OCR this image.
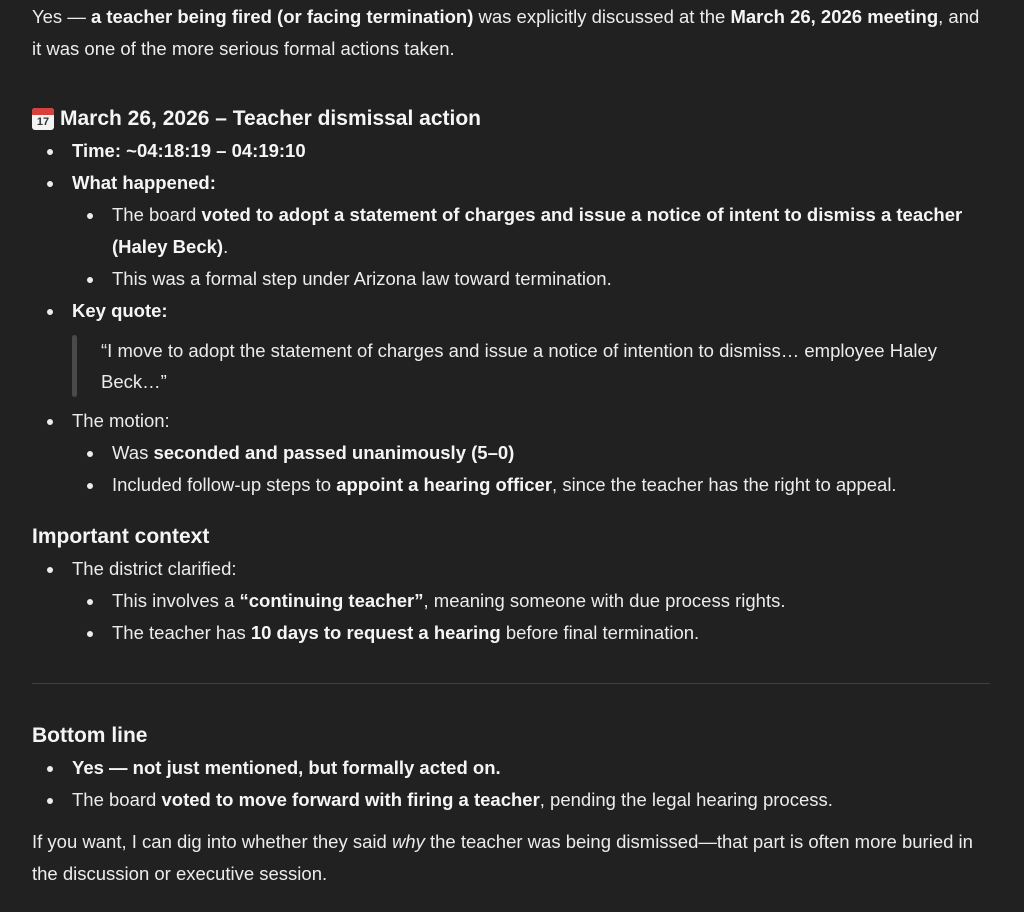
Yes — a teacher being fired (or facing termination) was explicitly discussed at the March 26, 2026 meeting, and it was one of the more serious formal actions taken.

17 March 26, 2026 – Teacher dismissal action
Time: ~04:18:19 – 04:19:10
What happened:
The board voted to adopt a statement of charges and issue a notice of intent to dismiss a teacher (Haley Beck).
This was a formal step under Arizona law toward termination.
Key quote:
“I move to adopt the statement of charges and issue a notice of intention to dismiss… employee Haley Beck…”
The motion:
Was seconded and passed unanimously (5–0)
Included follow-up steps to appoint a hearing officer, since the teacher has the right to appeal.
Important context
The district clarified:
This involves a “continuing teacher”, meaning someone with due process rights.
The teacher has 10 days to request a hearing before final termination.
Bottom line
Yes — not just mentioned, but formally acted on.
The board voted to move forward with firing a teacher, pending the legal hearing process.

If you want, I can dig into whether they said why the teacher was being dismissed—that part is often more buried in the discussion or executive session.
